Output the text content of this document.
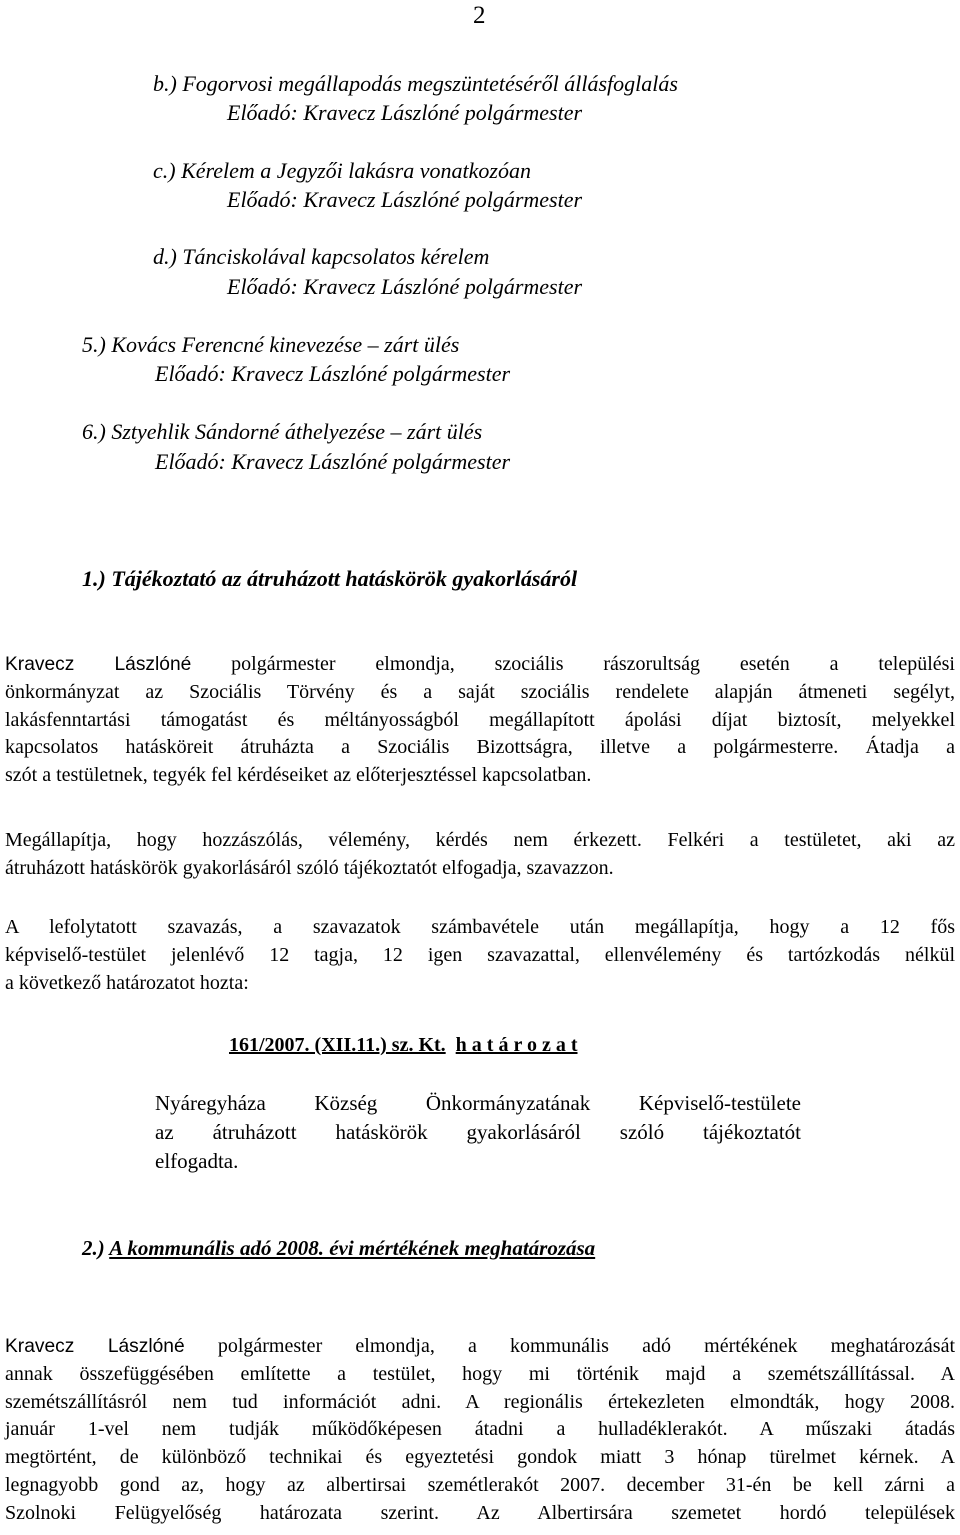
2
b.) Fogorvosi megállapodás megszüntetéséről állásfoglalás
Előadó: Kravecz Lászlóné polgármester
c.) Kérelem a Jegyzői lakásra vonatkozóan
Előadó: Kravecz Lászlóné polgármester
d.) Tánciskolával kapcsolatos kérelem
Előadó: Kravecz Lászlóné polgármester
5.) Kovács Ferencné kinevezése – zárt ülés
Előadó: Kravecz Lászlóné polgármester
6.) Sztyehlik Sándorné áthelyezése – zárt ülés
Előadó: Kravecz Lászlóné polgármester
1.) Tájékoztató az átruházott hatáskörök gyakorlásáról
Kravecz Lászlóné polgármester elmondja, szociális rászorultság esetén a települési
önkormányzat az Szociális Törvény és a saját szociális rendelete alapján átmeneti segélyt,
lakásfenntartási támogatást és méltányosságból megállapított ápolási díjat biztosít, melyekkel
kapcsolatos hatásköreit átruházta a Szociális Bizottságra, illetve a polgármesterre. Átadja a
szót a testületnek, tegyék fel kérdéseiket az előterjesztéssel kapcsolatban.
Megállapítja, hogy hozzászólás, vélemény, kérdés nem érkezett. Felkéri a testületet, aki az
átruházott hatáskörök gyakorlásáról szóló tájékoztatót elfogadja, szavazzon.
A lefolytatott szavazás, a szavazatok számbavétele után megállapítja, hogy a 12 fős
képviselő-testület jelenlévő 12 tagja, 12 igen szavazattal, ellenvélemény és tartózkodás nélkül
a következő határozatot hozta:
161/2007. (XII.11.) sz. Kt. h a t á r o z a t
Nyáregyháza Község Önkormányzatának Képviselő-testülete
az átruházott hatáskörök gyakorlásáról szóló tájékoztatót
elfogadta.
2.) A kommunális adó 2008. évi mértékének meghatározása
Kravecz Lászlóné polgármester elmondja, a kommunális adó mértékének meghatározását
annak összefüggésében említette a testület, hogy mi történik majd a szemétszállítással. A
szemétszállításról nem tud információt adni. A regionális értekezleten elmondták, hogy 2008.
január 1-vel nem tudják működőképesen átadni a hulladéklerakót. A műszaki átadás
megtörtént, de különböző technikai és egyeztetési gondok miatt 3 hónap türelmet kérnek. A
legnagyobb gond az, hogy az albertirsai szemétlerakót 2007. december 31-én be kell zárni a
Szolnoki Felügyelőség határozata szerint. Az Albertirsára szemetet hordó települések
